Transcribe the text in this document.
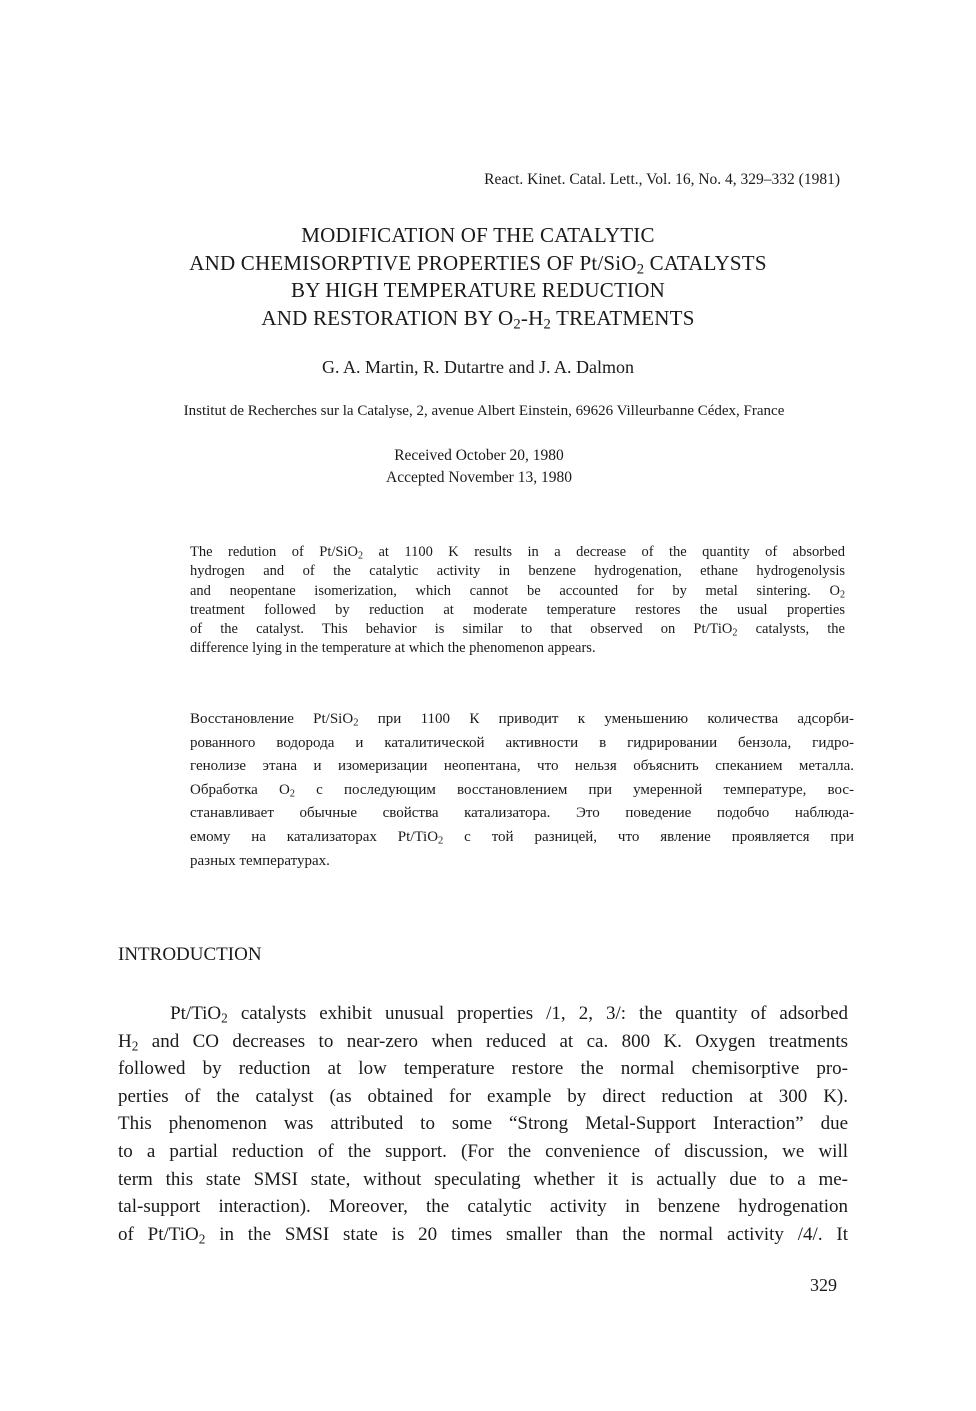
React. Kinet. Catal. Lett., Vol. 16, No. 4, 329–332 (1981)
MODIFICATION OF THE CATALYTIC
AND CHEMISORPTIVE PROPERTIES OF Pt/SiO$_2$ CATALYSTS
BY HIGH TEMPERATURE REDUCTION
AND RESTORATION BY $O_2-H_2$ TREATMENTS
G. A. Martin, R. Dutartre and J. A. Dalmon
Institut de Recherches sur la Catalyse, 2, avenue Albert Einstein, 69626 Villeurbanne Cédex, France
Received October 20, 1980
Accepted November 13, 1980
The redution of Pt/SiO$_2$ at 1100 K results in a decrease of the quantity of absorbed
hydrogen and of the catalytic activity in benzene hydrogenation, ethane hydrogenolysis
and neopentane isomerization, which cannot be accounted for by metal sintering. $O_2$
treatment followed by reduction at moderate temperature restores the usual properties
of the catalyst. This behavior is similar to that observed on Pt/TiO$_2$ catalysts, the
difference lying in the temperature at which the phenomenon appears.
Восстановление Pt/SiO$_2$ при 1100 К приводит к уменьшению количества адсорби-
рованного водорода и каталитической активности в гидрировании бензола, гидро-
генолизе этана и изомеризации неопентана, что нельзя объяснить спеканием металла.
Обработка $O_2$ с последующим восстановлением при умеренной температуре, вос-
станавливает обычные свойства катализатора. Это поведение подобчо наблюда-
емому на катализаторах Pt/TiO$_2$ с той разницей, что явление проявляется при
разных температурах.
INTRODUCTION
Pt/TiO$_2$ catalysts exhibit unusual properties /1, 2, 3/: the quantity of adsorbed
$H_2$ and CO decreases to near-zero when reduced at ca. 800 K. Oxygen treatments
followed by reduction at low temperature restore the normal chemisorptive pro-
perties of the catalyst (as obtained for example by direct reduction at 300 K).
This phenomenon was attributed to some “Strong Metal-Support Interaction” due
to a partial reduction of the support. (For the convenience of discussion, we will
term this state SMSI state, without speculating whether it is actually due to a me-
tal-support interaction). Moreover, the catalytic activity in benzene hydrogenation
of Pt/TiO$_2$ in the SMSI state is 20 times smaller than the normal activity /4/. It
329
